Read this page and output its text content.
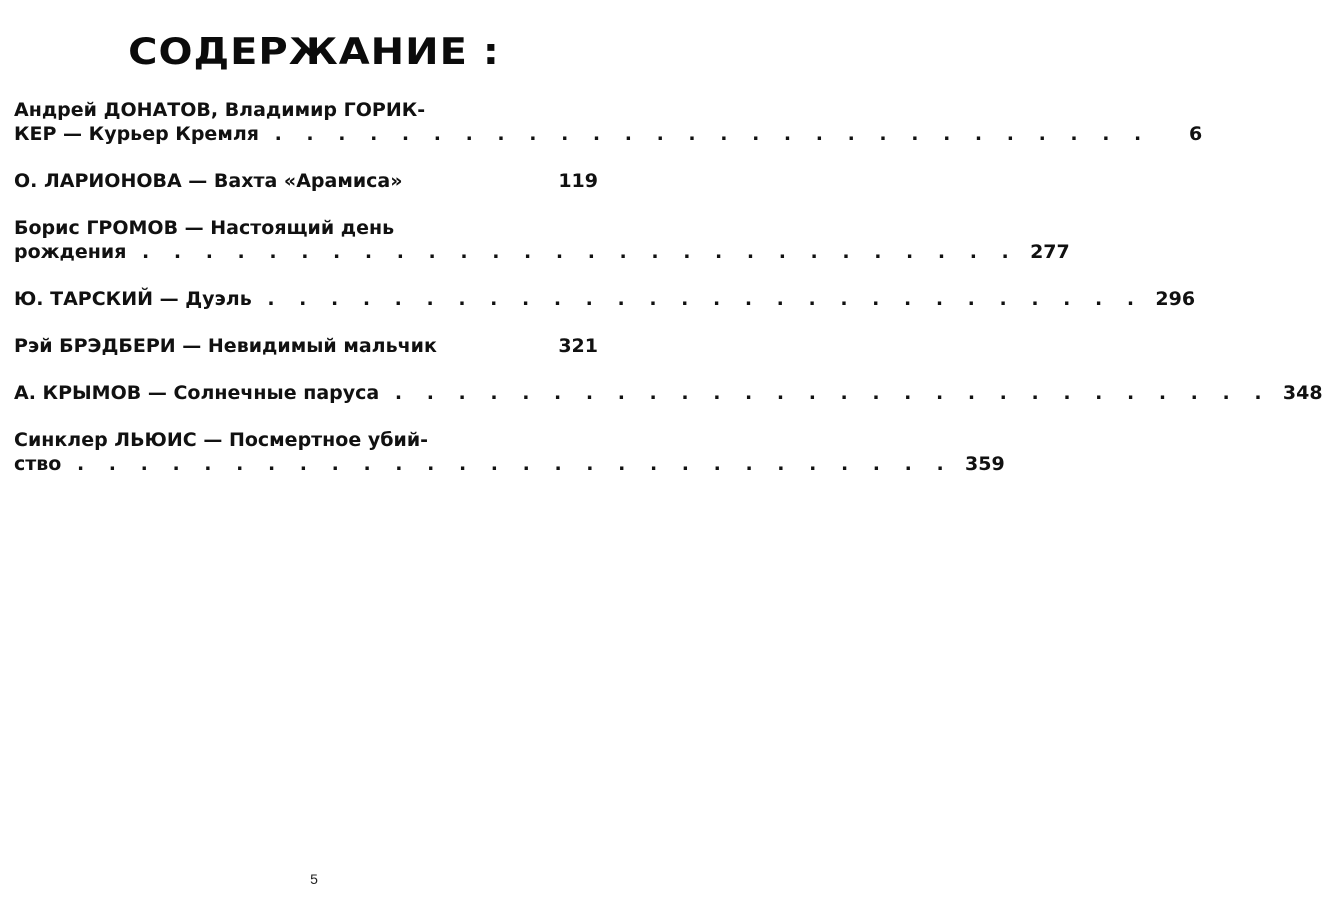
СОДЕРЖАНИЕ :
Андрей ДОНАТОВ, Владимир ГОРИК-
КЕР — Курьер Кремля . . .	6
О. ЛАРИОНОВА — Вахта «Арамиса»	119
Борис ГРОМОВ — Настоящий день
рождения . . .	277
Ю. ТАРСКИЙ — Дуэль . . .	296
Рэй БРЭДБЕРИ — Невидимый мальчик	321
А. КРЫМОВ — Солнечные паруса . . .	348
Синклер ЛЬЮИС — Посмертное убий-
ство . . .	359
5
